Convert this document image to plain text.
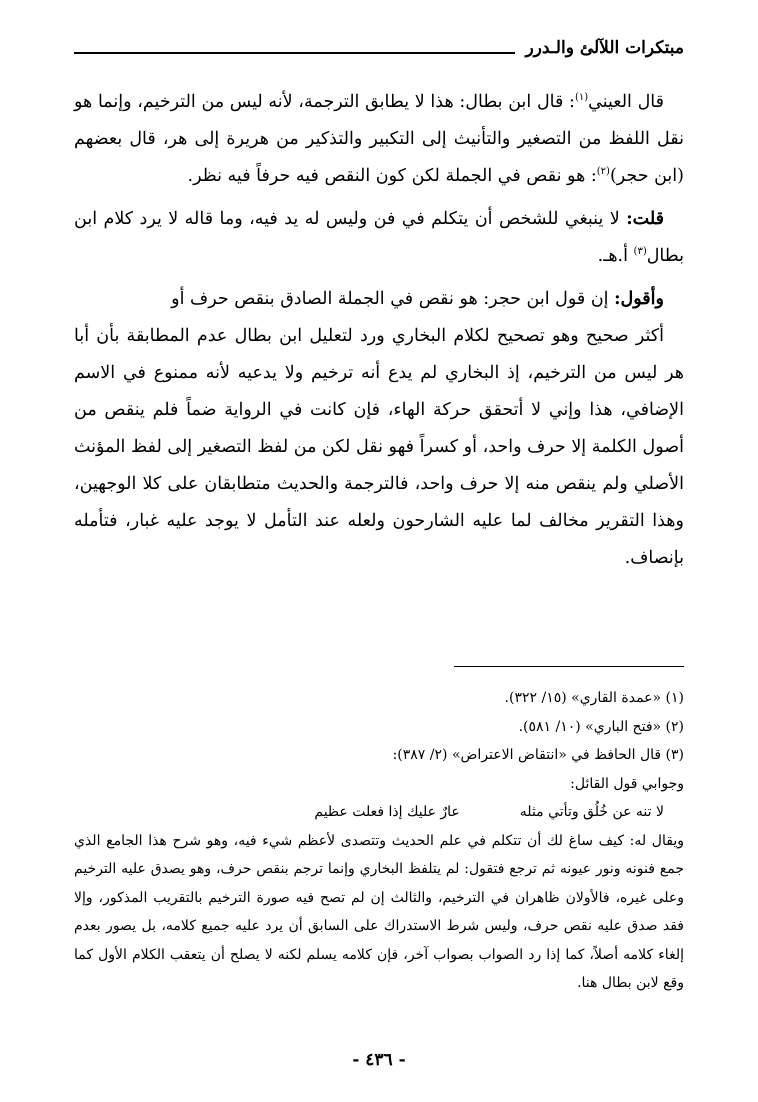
مبتكرات اللآلئ والـدرر

قال العيني$^{(١)}$: قال ابن بطال: هذا لا يطابق الترجمة، لأنه ليس من الترخيم، وإنما هو نقل اللفظ من التصغير والتأنيث إلى التكبير والتذكير من هريرة إلى هر، قال بعضهم (ابن حجر)$^{(٢)}$: هو نقص في الجملة لكن كون النقص فيه حرفاً فيه نظر.

قلت: لا ينبغي للشخص أن يتكلم في فن وليس له يد فيه، وما قاله لا يرد كلام ابن بطال$^{(٣)}$ أ.هـ.

وأقول: إن قول ابن حجر: هو نقص في الجملة الصادق بنقص حرف أو

أكثر صحيح وهو تصحيح لكلام البخاري ورد لتعليل ابن بطال عدم المطابقة بأن أبا هر ليس من الترخيم، إذ البخاري لم يدع أنه ترخيم ولا يدعيه لأنه ممنوع في الاسم الإضافي، هذا وإني لا أتحقق حركة الهاء، فإن كانت في الرواية ضماً فلم ينقص من أصول الكلمة إلا حرف واحد، أو كسراً فهو نقل لكن من لفظ التصغير إلى لفظ المؤنث الأصلي ولم ينقص منه إلا حرف واحد، فالترجمة والحديث متطابقان على كلا الوجهين، وهذا التقرير مخالف لما عليه الشارحون ولعله عند التأمل لا يوجد عليه غبار، فتأمله بإنصاف.

(١) «عمدة القاري» (١٥/ ٣٢٢).

(٢) «فتح الباري» (١٠/ ٥٨١).

(٣) قال الحافظ في «انتقاض الاعتراض» (٢/ ٣٨٧):

وجوابي قول القائل:

لا تنه عن خُلُق وتأتي مثله
عارٌ عليك إذا فعلت عظيم

ويقال له: كيف ساغ لك أن تتكلم في علم الحديث وتتصدى لأعظم شيء فيه، وهو شرح هذا الجامع الذي جمع فنونه ونور عيونه ثم ترجع فتقول: لم يتلفظ البخاري وإنما ترجم بنقص حرف، وهو يصدق عليه الترخيم وعلى غيره، فالأولان ظاهران في الترخيم، والثالث إن لم تصح فيه صورة الترخيم بالتقريب المذكور، وإلا فقد صدق عليه نقص حرف، وليس شرط الاستدراك على السابق أن يرد عليه جميع كلامه، بل يصور بعدم إلغاء كلامه أصلاً، كما إذا رد الصواب بصواب آخر، فإن كلامه يسلم لكنه لا يصلح أن يتعقب الكلام الأول كما وقع لابن بطال هنا.

- ٤٣٦ -
